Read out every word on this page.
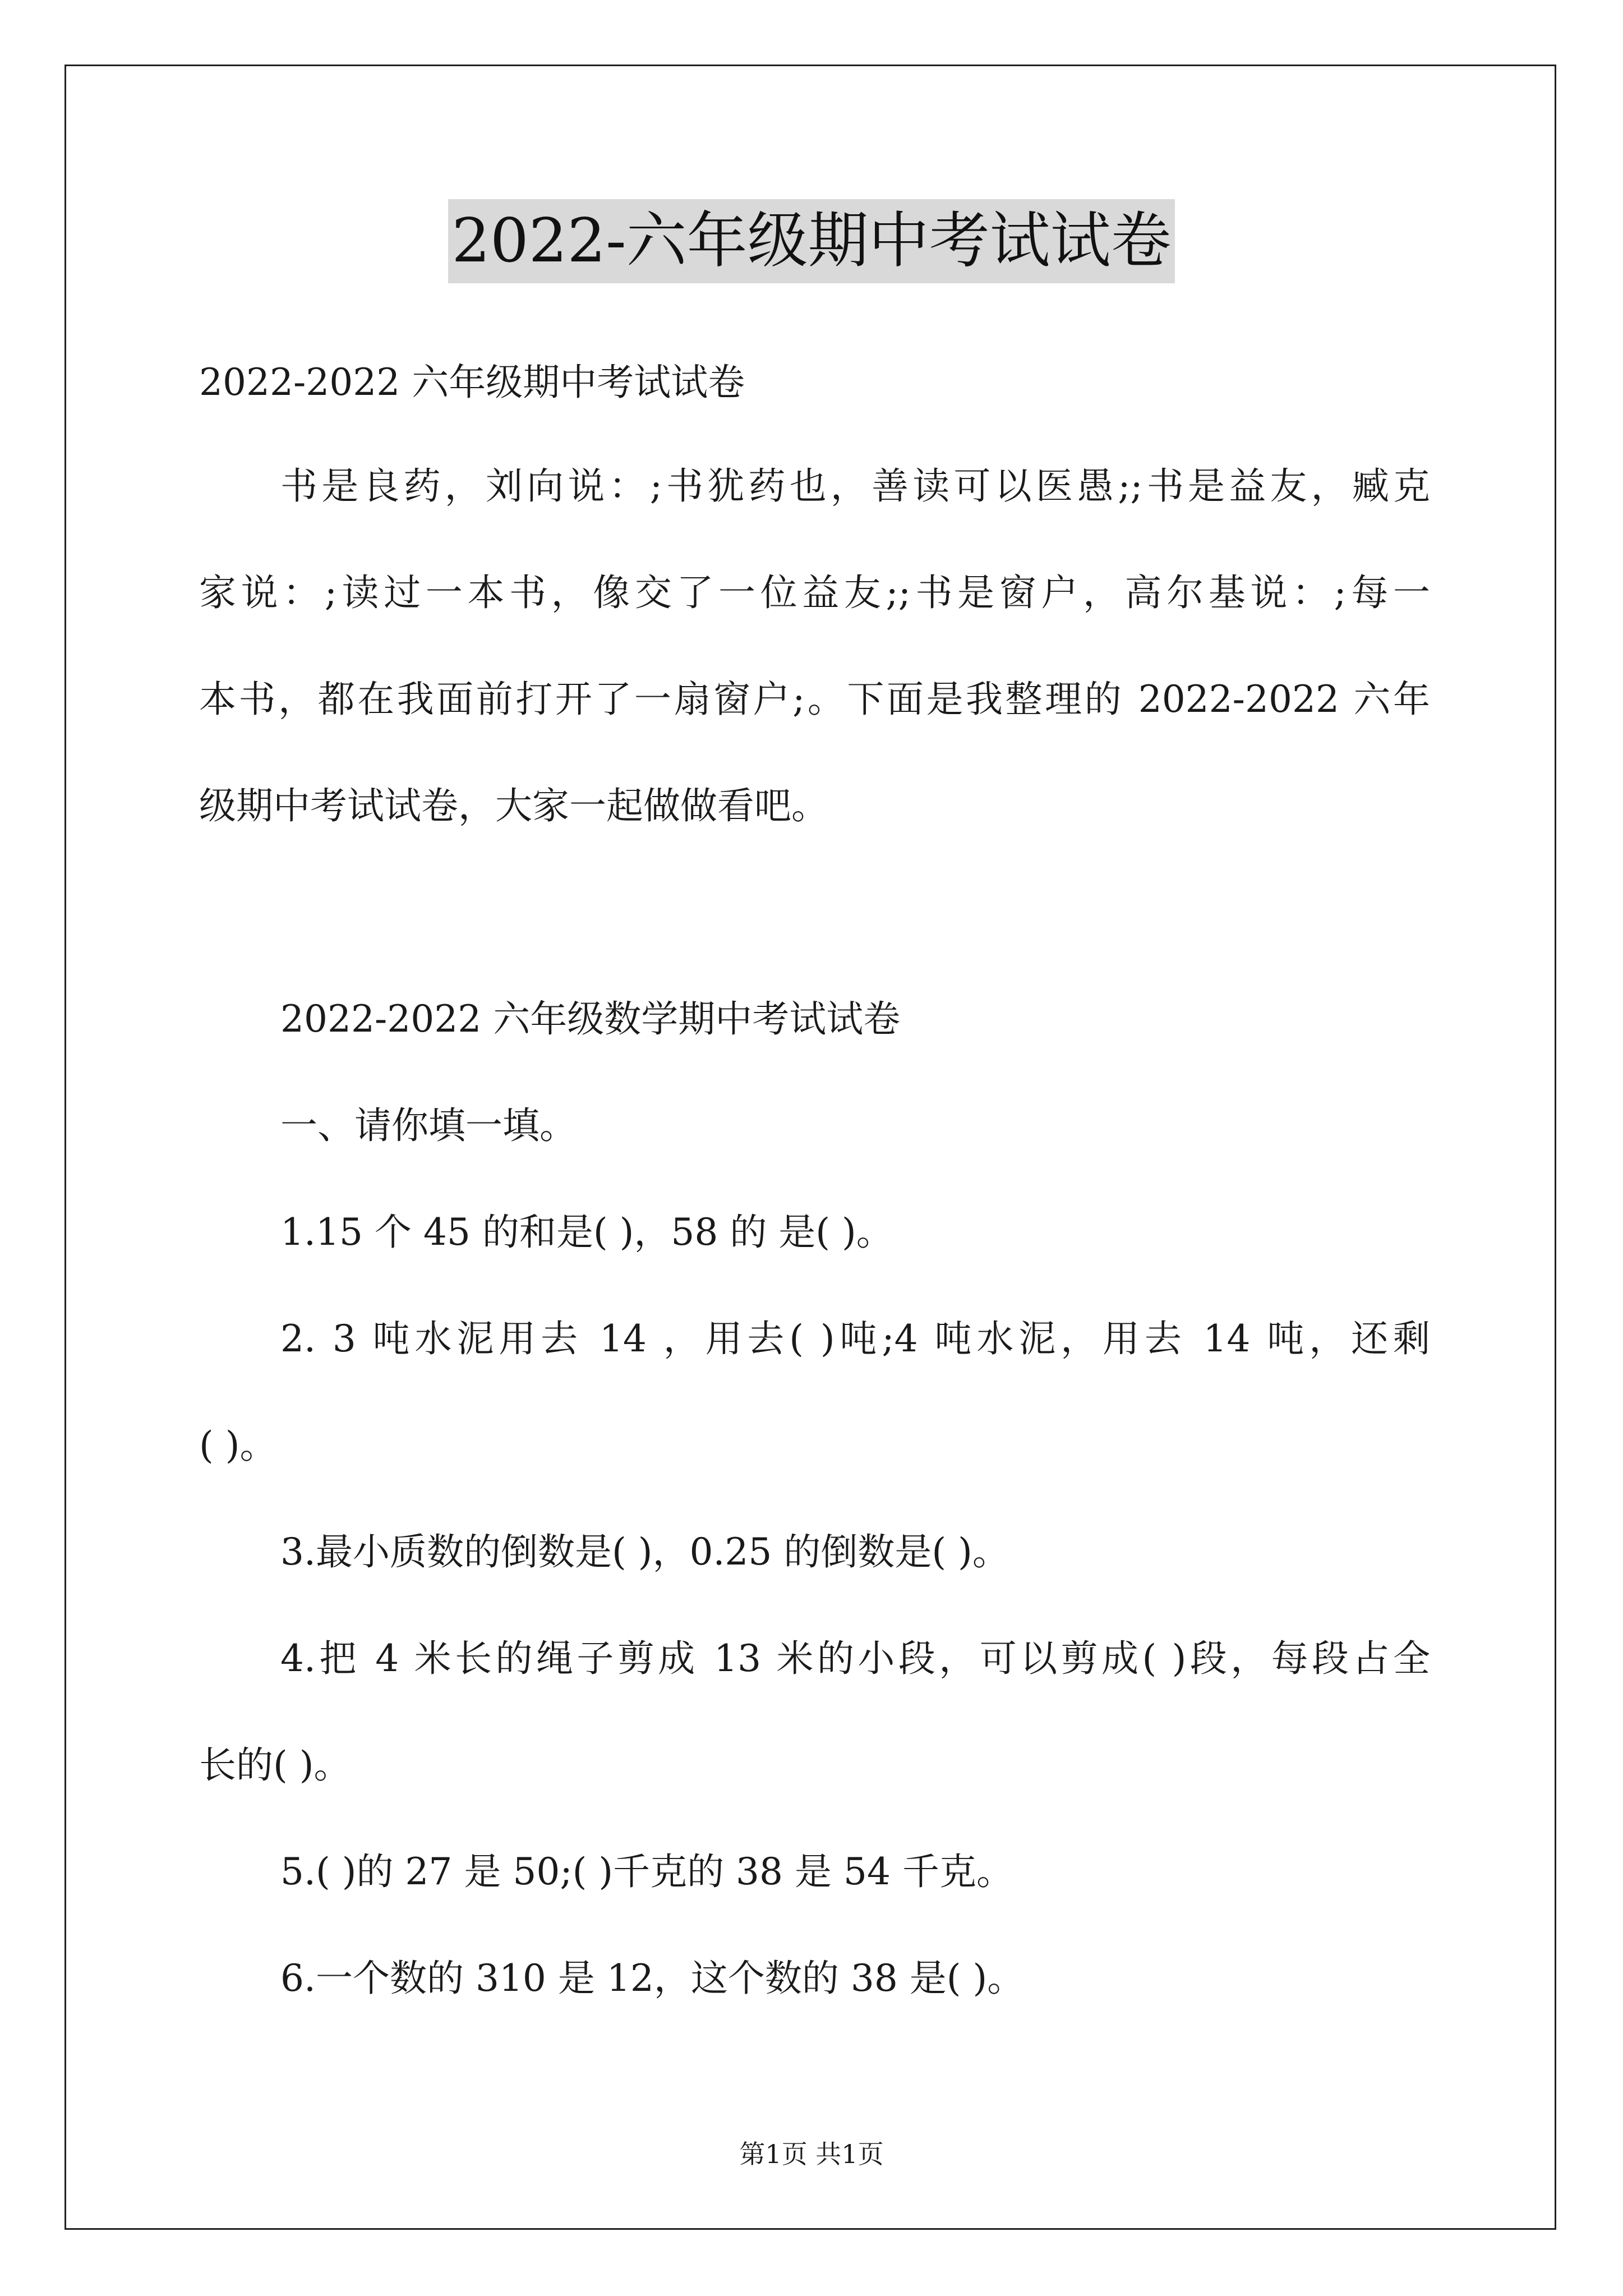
2022-六年级期中考试试卷
2022-2022 六年级期中考试试卷
书是良药，刘向说：;书犹药也，善读可以医愚;;书是益友，臧克
家说：;读过一本书，像交了一位益友;;书是窗户，高尔基说：;每一
本书，都在我面前打开了一扇窗户;。下面是我整理的 2022-2022 六年
级期中考试试卷，大家一起做做看吧。
2022-2022 六年级数学期中考试试卷
一、请你填一填。
1.15 个 45 的和是( )，58 的 是( )。
2. 3 吨水泥用去 14 ，用去( )吨;4 吨水泥，用去 14 吨，还剩
( )。
3.最小质数的倒数是( )，0.25 的倒数是( )。
4.把 4 米长的绳子剪成 13 米的小段，可以剪成( )段，每段占全
长的( )。
5.( )的 27 是 50;( )千克的 38 是 54 千克。
6.一个数的 310 是 12，这个数的 38 是( )。
第1页 共1页
